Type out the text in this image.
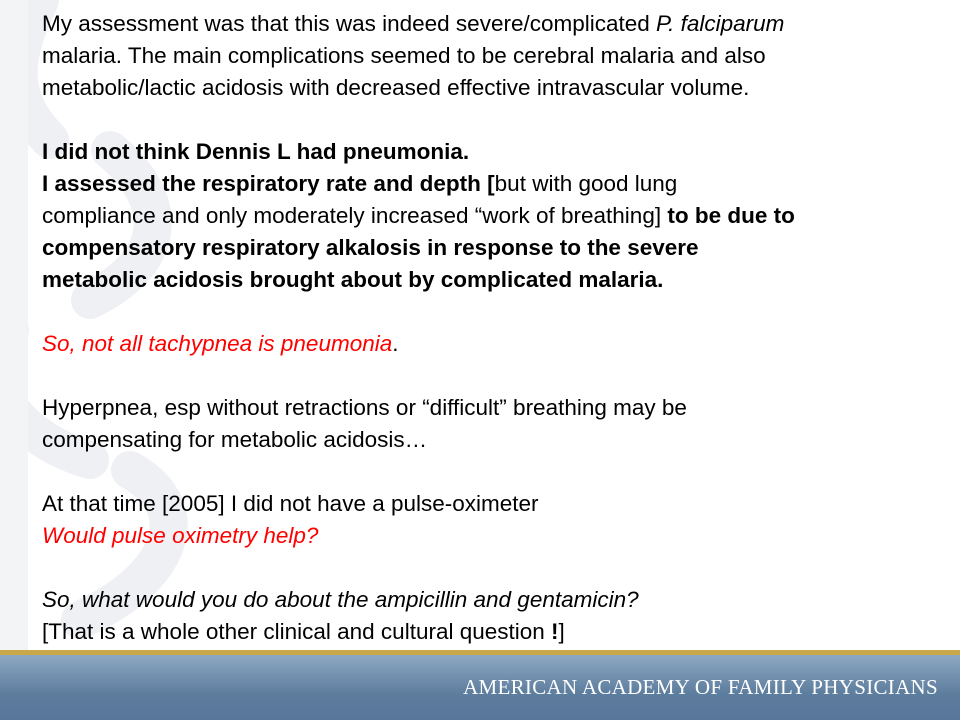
My assessment was that this was indeed severe/complicated P. falciparum
malaria. The main complications seemed to be cerebral malaria and also
metabolic/lactic acidosis with decreased effective intravascular volume.
I did not think Dennis L had pneumonia.
I assessed the respiratory rate and depth [but with good lung
compliance and only moderately increased “work of breathing] to be due to
compensatory respiratory alkalosis in response to the severe
metabolic acidosis brought about by complicated malaria.
So, not all tachypnea is pneumonia.
Hyperpnea, esp without retractions or “difficult” breathing may be
compensating for metabolic acidosis…
At that time [2005] I did not have a pulse-oximeter
Would pulse oximetry help?
So, what would you do about the ampicillin and gentamicin?
[That is a whole other clinical and cultural question !]
AMERICAN ACADEMY OF FAMILY PHYSICIANS
